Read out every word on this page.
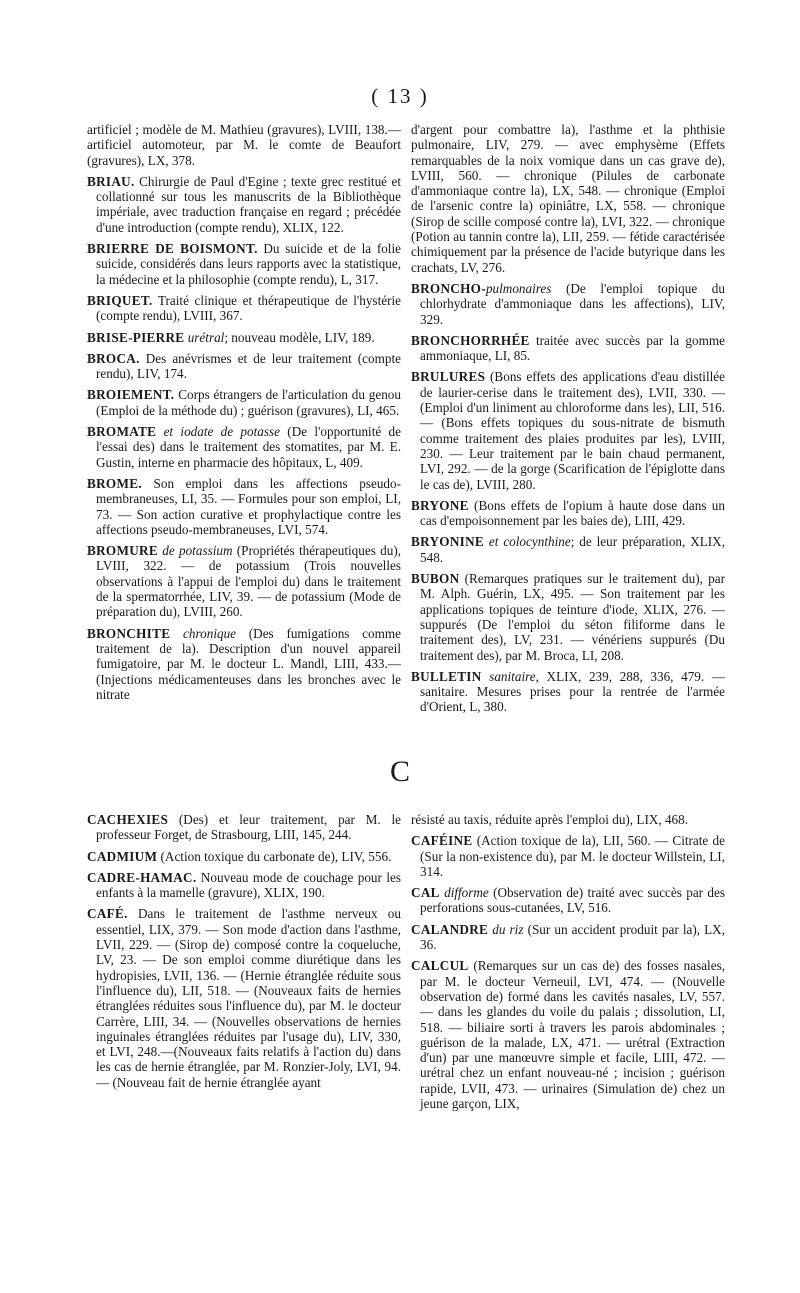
( 13 )

artificiel ; modèle de M. Mathieu (gravures), LVIII, 138.— artificiel automoteur, par M. le comte de Beaufort (gravures), LX, 378.

BRIAU. Chirurgie de Paul d'Egine ; texte grec restitué et collationné sur tous les manuscrits de la Bibliothèque impériale, avec traduction française en regard ; précédée d'une introduction (compte rendu), XLIX, 122.

BRIERRE DE BOISMONT. Du suicide et de la folie suicide, considérés dans leurs rapports avec la statistique, la médecine et la philosophie (compte rendu), L, 317.

BRIQUET. Traité clinique et thérapeutique de l'hystérie (compte rendu), LVIII, 367.

BRISE-PIERRE urétral; nouveau modèle, LIV, 189.

BROCA. Des anévrismes et de leur traitement (compte rendu), LIV, 174.

BROIEMENT. Corps étrangers de l'articulation du genou (Emploi de la méthode du) ; guérison (gravures), LI, 465.

BROMATE et iodate de potasse (De l'opportunité de l'essai des) dans le traitement des stomatites, par M. E. Gustin, interne en pharmacie des hôpitaux, L, 409.

BROME. Son emploi dans les affections pseudo-membraneuses, LI, 35. — Formules pour son emploi, LI, 73. — Son action curative et prophylactique contre les affections pseudo-membraneuses, LVI, 574.

BROMURE de potassium (Propriétés thérapeutiques du), LVIII, 322. — de potassium (Trois nouvelles observations à l'appui de l'emploi du) dans le traitement de la spermatorrhée, LIV, 39. — de potassium (Mode de préparation du), LVIII, 260.

BRONCHITE chronique (Des fumigations comme traitement de la). Description d'un nouvel appareil fumigatoire, par M. le docteur L. Mandl, LIII, 433.— (Injections médicamenteuses dans les bronches avec le nitrate

d'argent pour combattre la), l'asthme et la phthisie pulmonaire, LIV, 279. — avec emphysème (Effets remarquables de la noix vomique dans un cas grave de), LVIII, 560. — chronique (Pilules de carbonate d'ammoniaque contre la), LX, 548. — chronique (Emploi de l'arsenic contre la) opiniâtre, LX, 558. — chronique (Sirop de scille composé contre la), LVI, 322. — chronique (Potion au tannin contre la), LII, 259. — fétide caractérisée chimiquement par la présence de l'acide butyrique dans les crachats, LV, 276.

BRONCHO-pulmonaires (De l'emploi topique du chlorhydrate d'ammoniaque dans les affections), LIV, 329.

BRONCHORRHÉE traitée avec succès par la gomme ammoniaque, LI, 85.

BRULURES (Bons effets des applications d'eau distillée de laurier-cerise dans le traitement des), LVII, 330. — (Emploi d'un liniment au chloroforme dans les), LII, 516. — (Bons effets topiques du sous-nitrate de bismuth comme traitement des plaies produites par les), LVIII, 230. — Leur traitement par le bain chaud permanent, LVI, 292. — de la gorge (Scarification de l'épiglotte dans le cas de), LVIII, 280.

BRYONE (Bons effets de l'opium à haute dose dans un cas d'empoisonnement par les baies de), LIII, 429.

BRYONINE et colocynthine; de leur préparation, XLIX, 548.

BUBON (Remarques pratiques sur le traitement du), par M. Alph. Guérin, LX, 495. — Son traitement par les applications topiques de teinture d'iode, XLIX, 276. — suppurés (De l'emploi du séton filiforme dans le traitement des), LV, 231. — vénériens suppurés (Du traitement des), par M. Broca, LI, 208.

BULLETIN sanitaire, XLIX, 239, 288, 336, 479. — sanitaire. Mesures prises pour la rentrée de l'armée d'Orient, L, 380.

C

CACHEXIES (Des) et leur traitement, par M. le professeur Forget, de Strasbourg, LIII, 145, 244.

CADMIUM (Action toxique du carbonate de), LIV, 556.

CADRE-HAMAC. Nouveau mode de couchage pour les enfants à la mamelle (gravure), XLIX, 190.

CAFÉ. Dans le traitement de l'asthme nerveux ou essentiel, LIX, 379. — Son mode d'action dans l'asthme, LVII, 229. — (Sirop de) composé contre la coqueluche, LV, 23. — De son emploi comme diurétique dans les hydropisies, LVII, 136. — (Hernie étranglée réduite sous l'influence du), LII, 518. — (Nouveaux faits de hernies étranglées réduites sous l'influence du), par M. le docteur Carrère, LIII, 34. — (Nouvelles observations de hernies inguinales étranglées réduites par l'usage du), LIV, 330, et LVI, 248.—(Nouveaux faits relatifs à l'action du) dans les cas de hernie étranglée, par M. Ronzier-Joly, LVI, 94. — (Nouveau fait de hernie étranglée ayant

résisté au taxis, réduite après l'emploi du), LIX, 468.

CAFÉINE (Action toxique de la), LII, 560. — Citrate de (Sur la non-existence du), par M. le docteur Willstein, LI, 314.

CAL difforme (Observation de) traité avec succès par des perforations sous-cutanées, LV, 516.

CALANDRE du riz (Sur un accident produit par la), LX, 36.

CALCUL (Remarques sur un cas de) des fosses nasales, par M. le docteur Verneuil, LVI, 474. — (Nouvelle observation de) formé dans les cavités nasales, LV, 557. — dans les glandes du voile du palais ; dissolution, LI, 518. — biliaire sorti à travers les parois abdominales ; guérison de la malade, LX, 471. — urétral (Extraction d'un) par une manœuvre simple et facile, LIII, 472. — urétral chez un enfant nouveau-né ; incision ; guérison rapide, LVII, 473. — urinaires (Simulation de) chez un jeune garçon, LIX,
